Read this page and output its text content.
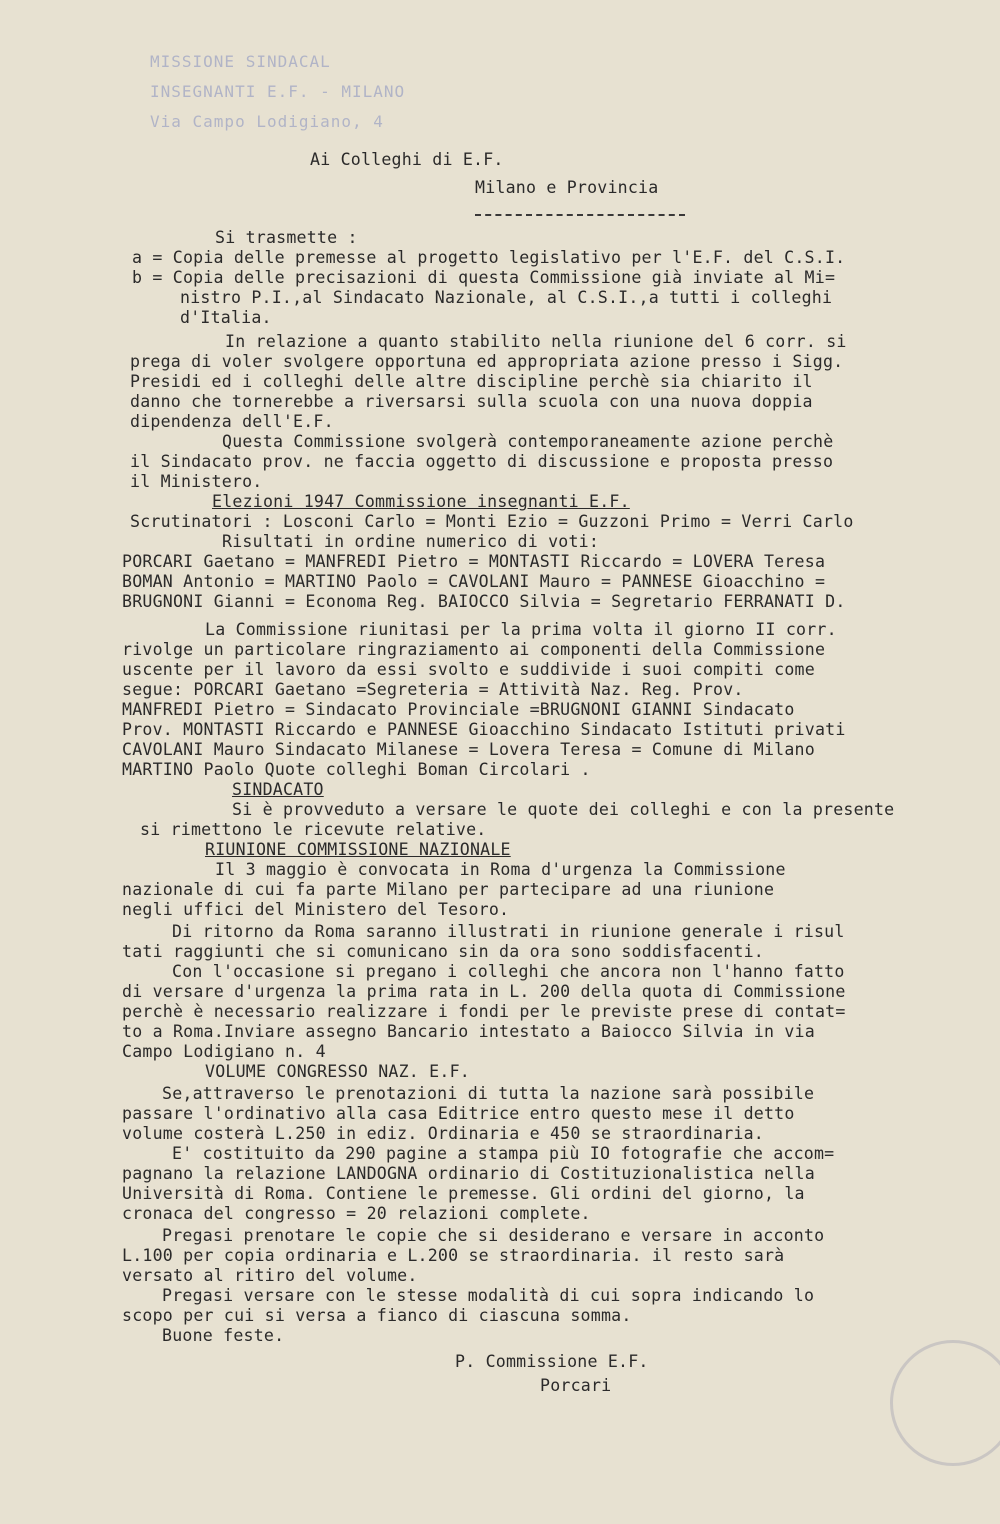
MISSIONE SINDACAL
INSEGNANTI E.F. - MILANO
Via Campo Lodigiano, 4
Ai Colleghi di E.F.
Milano e Provincia
Si trasmette :
a = Copia delle premesse al progetto legislativo per l'E.F. del C.S.I.
b = Copia delle precisazioni di questa Commissione già inviate al Mi=
nistro P.I.,al Sindacato Nazionale, al C.S.I.,a tutti i colleghi
d'Italia.
In relazione a quanto stabilito nella riunione del 6 corr. si
prega di voler svolgere opportuna ed appropriata azione presso i Sigg.
Presidi ed i colleghi delle altre discipline perchè sia chiarito il
danno che tornerebbe a riversarsi sulla scuola con una nuova doppia
dipendenza dell'E.F.
Questa Commissione svolgerà contemporaneamente azione perchè
il Sindacato prov. ne faccia oggetto di discussione e proposta presso
il Ministero.
Elezioni 1947 Commissione insegnanti E.F.
Scrutinatori : Losconi Carlo = Monti Ezio = Guzzoni Primo = Verri Carlo
Risultati in ordine numerico di voti:
PORCARI Gaetano = MANFREDI Pietro = MONTASTI Riccardo = LOVERA Teresa
BOMAN Antonio = MARTINO Paolo = CAVOLANI Mauro = PANNESE Gioacchino =
BRUGNONI Gianni = Economa Reg. BAIOCCO Silvia = Segretario FERRANATI D.
La Commissione riunitasi per la prima volta il giorno II corr.
rivolge un particolare ringraziamento ai componenti della Commissione
uscente per il lavoro da essi svolto e suddivide i suoi compiti come
segue: PORCARI Gaetano =Segreteria = Attività Naz. Reg. Prov.
MANFREDI Pietro = Sindacato Provinciale =BRUGNONI GIANNI Sindacato
Prov. MONTASTI Riccardo e PANNESE Gioacchino Sindacato Istituti privati
CAVOLANI Mauro Sindacato Milanese = Lovera Teresa = Comune di Milano
MARTINO Paolo Quote colleghi Boman Circolari .
SINDACATO
Si è provveduto a versare le quote dei colleghi e con la presente
si rimettono le ricevute relative.
RIUNIONE COMMISSIONE NAZIONALE
Il 3 maggio è convocata in Roma d'urgenza la Commissione
nazionale di cui fa parte Milano per partecipare ad una riunione
negli uffici del Ministero del Tesoro.
Di ritorno da Roma saranno illustrati in riunione generale i risul
tati raggiunti che si comunicano sin da ora sono soddisfacenti.
Con l'occasione si pregano i colleghi che ancora non l'hanno fatto
di versare d'urgenza la prima rata in L. 200 della quota di Commissione
perchè è necessario realizzare i fondi per le previste prese di contat=
to a Roma.Inviare assegno Bancario intestato a Baiocco Silvia in via
Campo Lodigiano n. 4
VOLUME CONGRESSO NAZ. E.F.
Se,attraverso le prenotazioni di tutta la nazione sarà possibile
passare l'ordinativo alla casa Editrice entro questo mese il detto
volume costerà L.250 in ediz. Ordinaria e 450 se straordinaria.
E' costituito da 290 pagine a stampa più IO fotografie che accom=
pagnano la relazione LANDOGNA ordinario di Costituzionalistica nella
Università di Roma. Contiene le premesse. Gli ordini del giorno, la
cronaca del congresso = 20 relazioni complete.
Pregasi prenotare le copie che si desiderano e versare in acconto
L.100 per copia ordinaria e L.200 se straordinaria. il resto sarà
versato al ritiro del volume.
Pregasi versare con le stesse modalità di cui sopra indicando lo
scopo per cui si versa a fianco di ciascuna somma.
Buone feste.
P. Commissione E.F.
Porcari
